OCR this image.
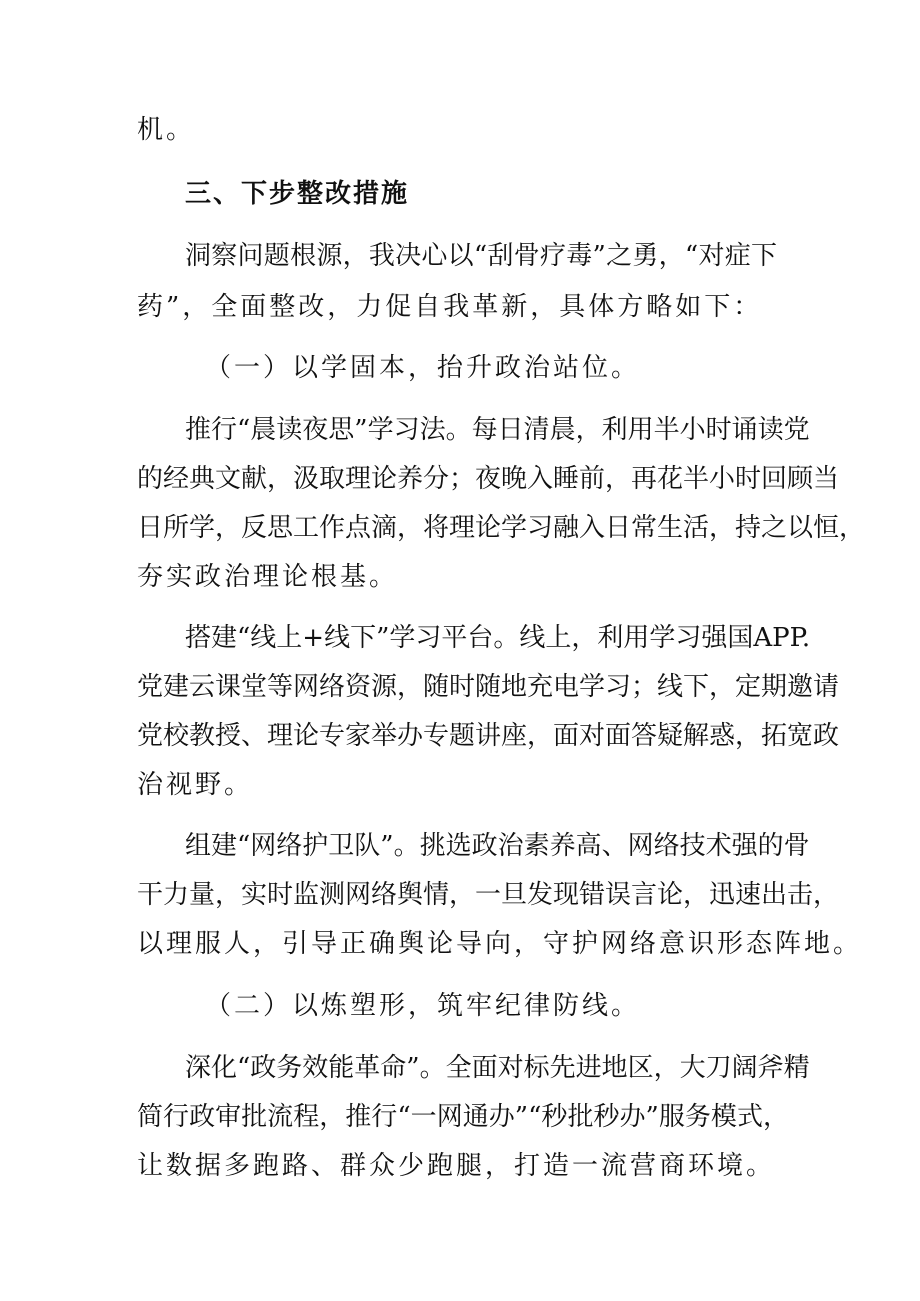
机。
三、下步整改措施
洞察问题根源，我决心以“刮骨疗毒”之勇，“对症下
药”，全面整改，力促自我革新，具体方略如下：
（一）以学固本，抬升政治站位。
推行“晨读夜思”学习法。每日清晨，利用半小时诵读党
的经典文献，汲取理论养分；夜晚入睡前，再花半小时回顾当
日所学，反思工作点滴，将理论学习融入日常生活，持之以恒，
夯实政治理论根基。
搭建“线上+线下”学习平台。线上，利用学习强国APP.
党建云课堂等网络资源，随时随地充电学习；线下，定期邀请
党校教授、理论专家举办专题讲座，面对面答疑解惑，拓宽政
治视野。
组建“网络护卫队”。挑选政治素养高、网络技术强的骨
干力量，实时监测网络舆情，一旦发现错误言论，迅速出击，
以理服人，引导正确舆论导向，守护网络意识形态阵地。
（二）以炼塑形，筑牢纪律防线。
深化“政务效能革命”。全面对标先进地区，大刀阔斧精
简行政审批流程，推行“一网通办”“秒批秒办”服务模式，
让数据多跑路、群众少跑腿，打造一流营商环境。
